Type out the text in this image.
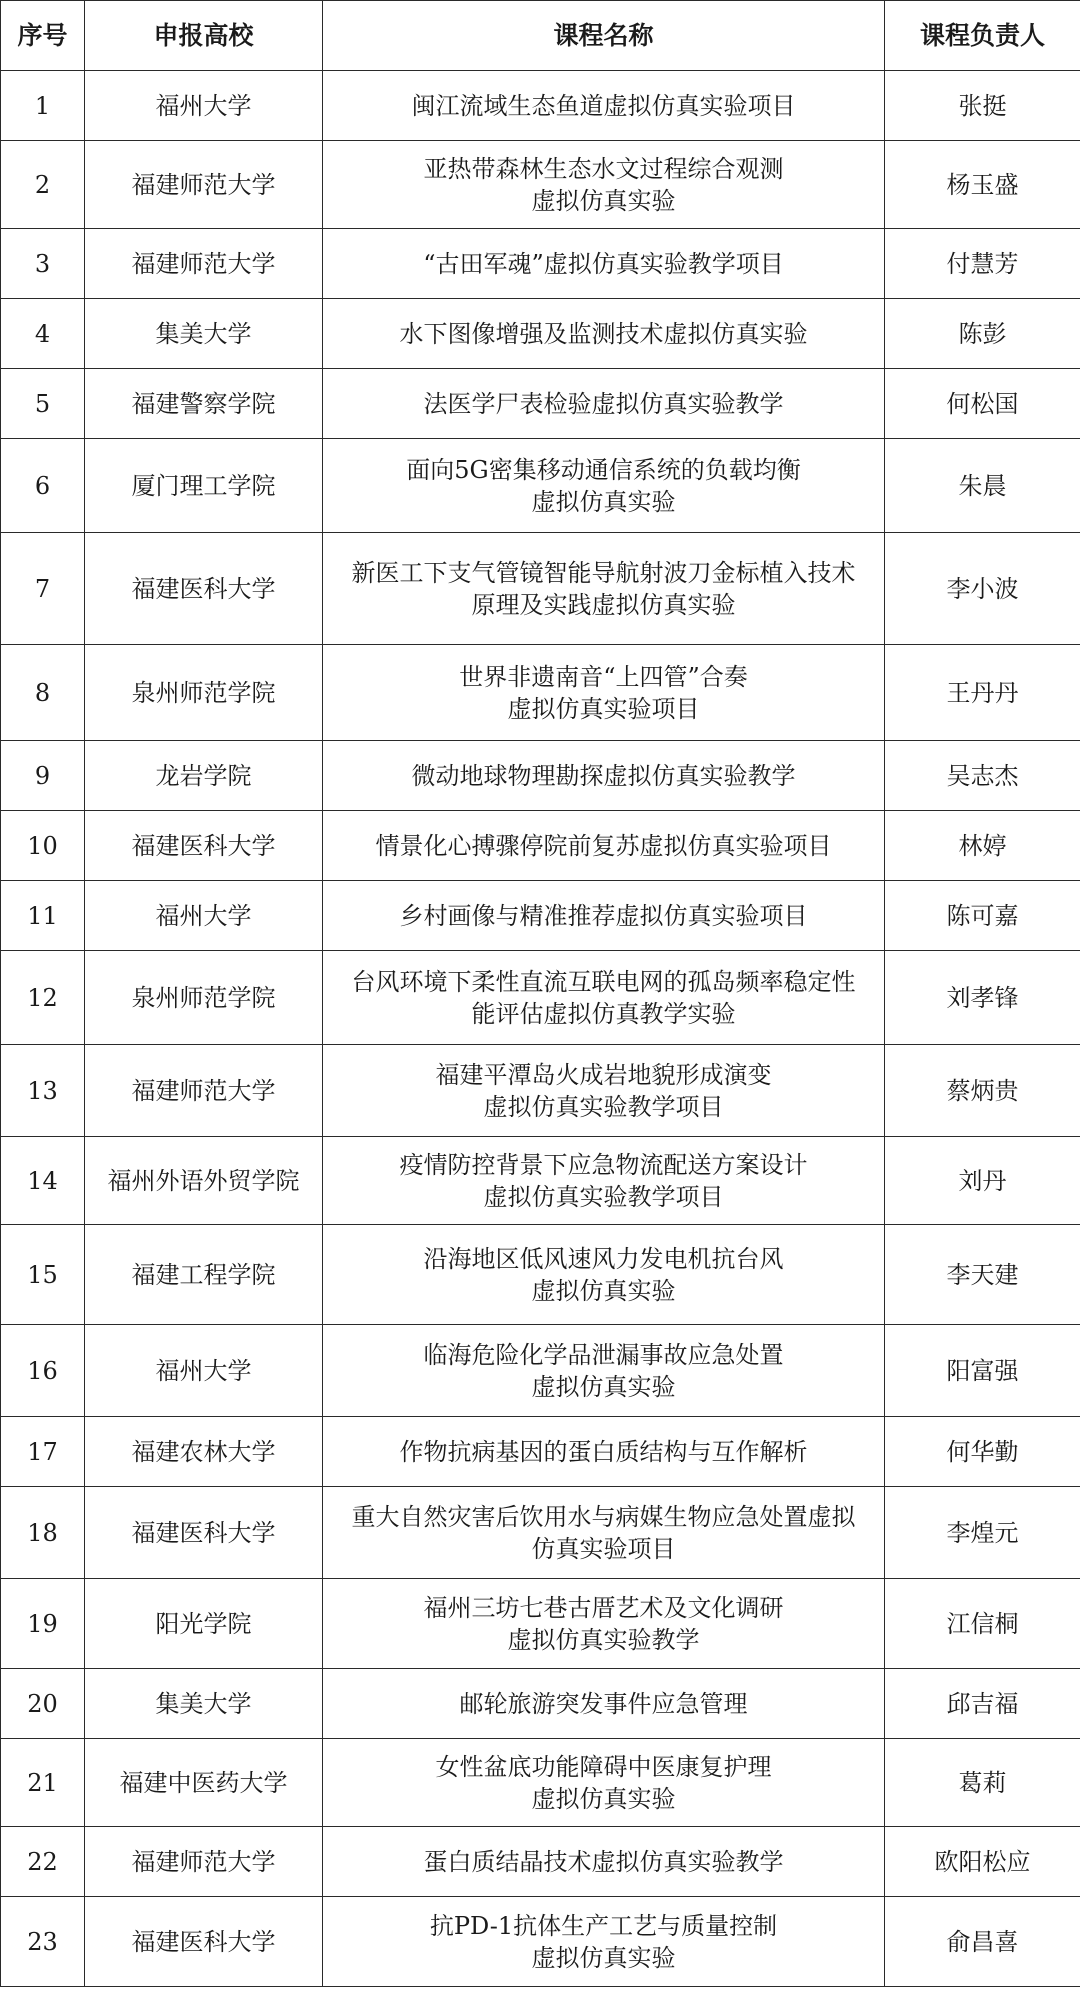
序号	申报高校	课程名称	课程负责人
1	福州大学	闽江流域生态鱼道虚拟仿真实验项目	张挺
2	福建师范大学	亚热带森林生态水文过程综合观测
虚拟仿真实验	杨玉盛
3	福建师范大学	“古田军魂”虚拟仿真实验教学项目	付慧芳
4	集美大学	水下图像增强及监测技术虚拟仿真实验	陈彭
5	福建警察学院	法医学尸表检验虚拟仿真实验教学	何松国
6	厦门理工学院	面向5G密集移动通信系统的负载均衡
虚拟仿真实验	朱晨
7	福建医科大学	新医工下支气管镜智能导航射波刀金标植入技术
原理及实践虚拟仿真实验	李小波
8	泉州师范学院	世界非遗南音“上四管”合奏
虚拟仿真实验项目	王丹丹
9	龙岩学院	微动地球物理勘探虚拟仿真实验教学	吴志杰
10	福建医科大学	情景化心搏骤停院前复苏虚拟仿真实验项目	林婷
11	福州大学	乡村画像与精准推荐虚拟仿真实验项目	陈可嘉
12	泉州师范学院	台风环境下柔性直流互联电网的孤岛频率稳定性
能评估虚拟仿真教学实验	刘孝锋
13	福建师范大学	福建平潭岛火成岩地貌形成演变
虚拟仿真实验教学项目	蔡炳贵
14	福州外语外贸学院	疫情防控背景下应急物流配送方案设计
虚拟仿真实验教学项目	刘丹
15	福建工程学院	沿海地区低风速风力发电机抗台风
虚拟仿真实验	李天建
16	福州大学	临海危险化学品泄漏事故应急处置
虚拟仿真实验	阳富强
17	福建农林大学	作物抗病基因的蛋白质结构与互作解析	何华勤
18	福建医科大学	重大自然灾害后饮用水与病媒生物应急处置虚拟
仿真实验项目	李煌元
19	阳光学院	福州三坊七巷古厝艺术及文化调研
虚拟仿真实验教学	江信桐
20	集美大学	邮轮旅游突发事件应急管理	邱吉福
21	福建中医药大学	女性盆底功能障碍中医康复护理
虚拟仿真实验	葛莉
22	福建师范大学	蛋白质结晶技术虚拟仿真实验教学	欧阳松应
23	福建医科大学	抗PD-1抗体生产工艺与质量控制
虚拟仿真实验	俞昌喜
